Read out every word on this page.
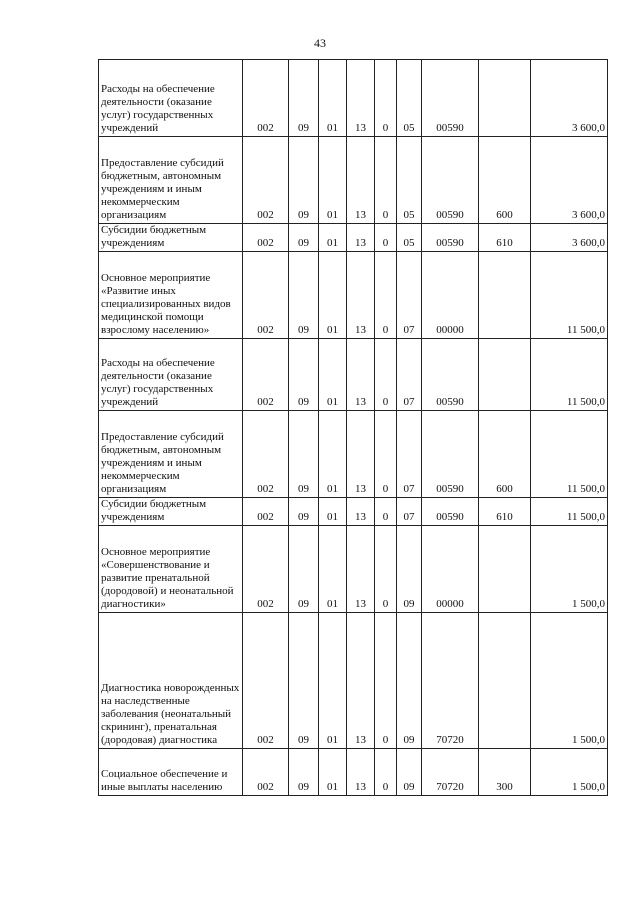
43
Расходы на обеспечение деятельности (оказание услуг) государственных учреждений	002	09	01	13	0	05	00590		3 600,0
Предоставление субсидий бюджетным, автономным учреждениям и иным некоммерческим организациям	002	09	01	13	0	05	00590	600	3 600,0
Субсидии бюджетным учреждениям	002	09	01	13	0	05	00590	610	3 600,0
Основное мероприятие «Развитие иных специализированных видов медицинской помощи взрослому населению»	002	09	01	13	0	07	00000		11 500,0
Расходы на обеспечение деятельности (оказание услуг) государственных учреждений	002	09	01	13	0	07	00590		11 500,0
Предоставление субсидий бюджетным, автономным учреждениям и иным некоммерческим организациям	002	09	01	13	0	07	00590	600	11 500,0
Субсидии бюджетным учреждениям	002	09	01	13	0	07	00590	610	11 500,0
Основное мероприятие «Совершенствование и развитие пренатальной (дородовой) и неонатальной диагностики»	002	09	01	13	0	09	00000		1 500,0
Диагностика новорожденных на наследственные заболевания (неонатальный скрининг), пренатальная (дородовая) диагностика	002	09	01	13	0	09	70720		1 500,0
Социальное обеспечение и иные выплаты населению	002	09	01	13	0	09	70720	300	1 500,0
